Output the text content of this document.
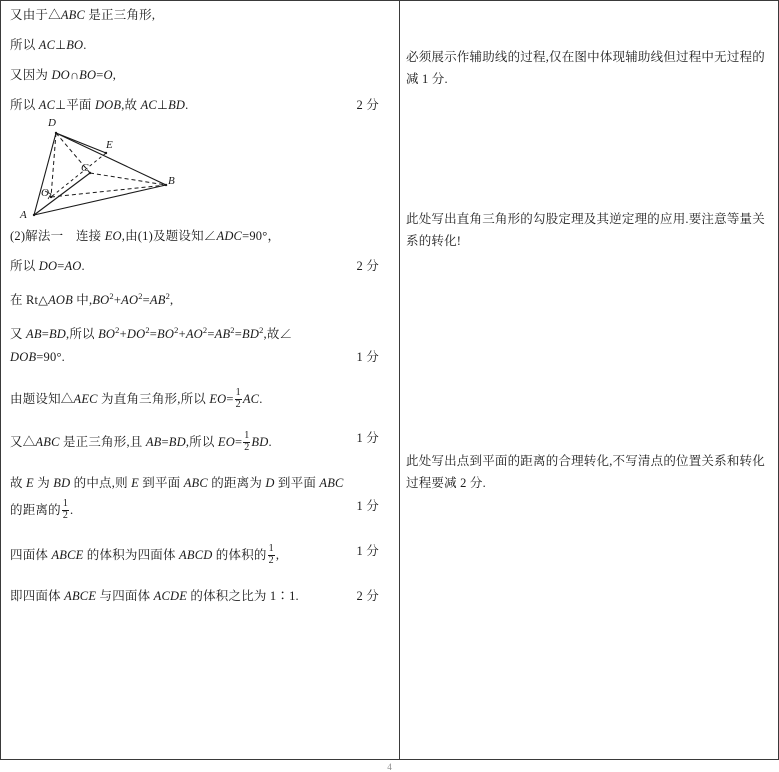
又由于△ABC 是正三角形,
所以 AC⊥BO.
又因为 DO∩BO=O,
所以 AC⊥平面 DOB,故 AC⊥BD.	2 分
D
E
C
B
O
A
(2)解法一　连接 EO,由(1)及题设知∠ADC=90°，
所以 DO=AO.	2 分
在 Rt△AOB 中$,BO^2+AO^2=AB^2$,
又 AB=BD,所以 $BO^2+DO^2=BO^2+AO^2=AB^2=BD^2$,故∠
DOB=90°.	1 分
由题设知△AEC 为直角三角形,所以 $EO= \frac{1}{2}$ AC.
又△ABC 是正三角形,且 AB=BD,所以 $EO= \frac{1}{2}$ BD.	1 分
故 E 为 BD 的中点,则 E 到平面 ABC 的距离为 D 到平面 ABC
的距离的 $\frac{1}{2}$ .	1 分
四面体 ABCE 的体积为四面体 ABCD 的体积的 $\frac{1}{2}$ ,	1 分
即四面体 ABCE 与四面体 ACDE 的体积之比为 1∶1.	2 分
必须展示作辅助线的过程,仅在图中体现辅助线但过程中无过程的减 1 分.
此处写出直角三角形的勾股定理及其逆定理的应用.要注意等量关系的转化!
此处写出点到平面的距离的合理转化,不写清点的位置关系和转化过程要减 2 分.
4
